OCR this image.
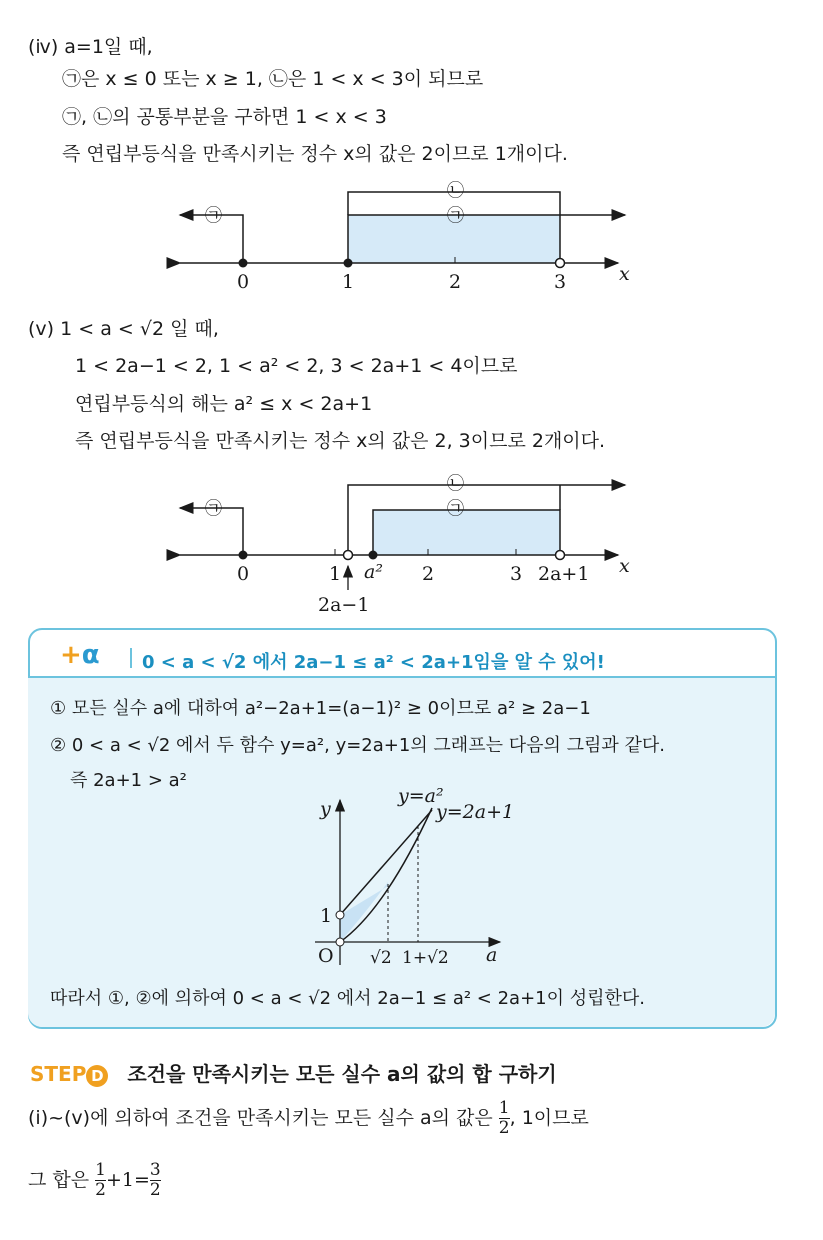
(ⅳ) a=1일 때,
㉠은 x ≤ 0 또는 x ≥ 1, ㉡은 1 < x < 3이 되므로
㉠, ㉡의 공통부분을 구하면 1 < x < 3
즉 연립부등식을 만족시키는 정수 x의 값은 2이므로 1개이다.
㉠
㉡
㉠
0	1	2	3	x
(ⅴ) 1 < a < √2 일 때,
1 < 2a−1 < 2, 1 < a² < 2, 3 < 2a+1 < 4이므로
연립부등식의 해는 a² ≤ x < 2a+1
즉 연립부등식을 만족시키는 정수 x의 값은 2, 3이므로 2개이다.
㉠
㉡
㉠
0	1 a² 2	3 2a+1 x
2a−1
+α 0 < a < √2 에서 2a−1 ≤ a² < 2a+1임을 알 수 있어!
① 모든 실수 a에 대하여 a²−2a+1=(a−1)² ≥ 0이므로 a² ≥ 2a−1
② 0 < a < √2 에서 두 함수 y=a², y=2a+1의 그래프는 다음의 그림과 같다.
즉 2a+1 > a²
y
a
O
1
√2 1+√2
y=a²
y=2a+1
따라서 ①, ②에 의하여 0 < a < √2 에서 2a−1 ≤ a² < 2a+1이 성립한다.
STEP D 조건을 만족시키는 모든 실수 a의 값의 합 구하기
(ⅰ)~(ⅴ)에 의하여 조건을 만족시키는 모든 실수 a의 값은 $\frac{1}{2}$ , 1이므로
그 합은 $\frac{1}{2} +1= \frac{3}{2}$
